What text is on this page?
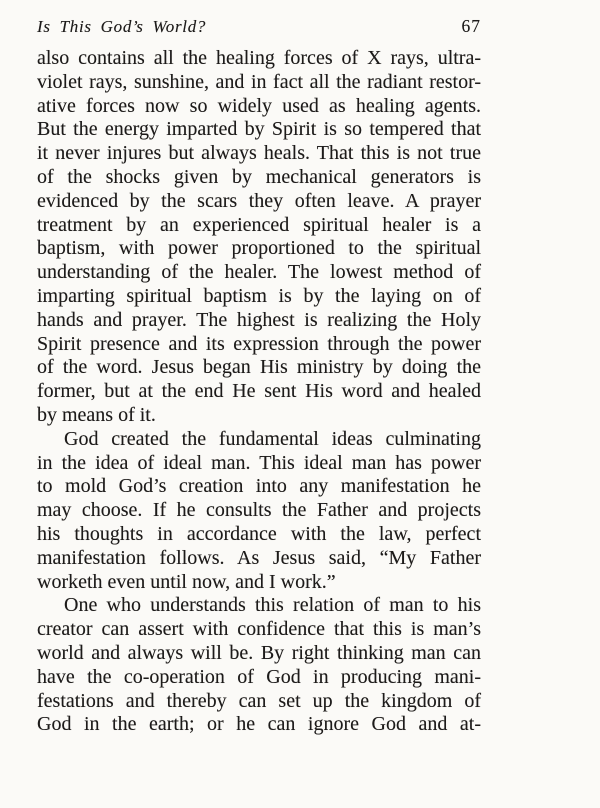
Is This God’s World?	67
also contains all the healing forces of X rays, ultra-
violet rays, sunshine, and in fact all the radiant restor-
ative forces now so widely used as healing agents.
But the energy imparted by Spirit is so tempered that
it never injures but always heals. That this is not true
of the shocks given by mechanical generators is
evidenced by the scars they often leave. A prayer
treatment by an experienced spiritual healer is a
baptism, with power proportioned to the spiritual
understanding of the healer. The lowest method of
imparting spiritual baptism is by the laying on of
hands and prayer. The highest is realizing the Holy
Spirit presence and its expression through the power
of the word. Jesus began His ministry by doing the
former, but at the end He sent His word and healed
by means of it.
God created the fundamental ideas culminating
in the idea of ideal man. This ideal man has power
to mold God’s creation into any manifestation he
may choose. If he consults the Father and projects
his thoughts in accordance with the law, perfect
manifestation follows. As Jesus said, “My Father
worketh even until now, and I work.”
One who understands this relation of man to his
creator can assert with confidence that this is man’s
world and always will be. By right thinking man can
have the co-operation of God in producing mani-
festations and thereby can set up the kingdom of
God in the earth; or he can ignore God and at-
